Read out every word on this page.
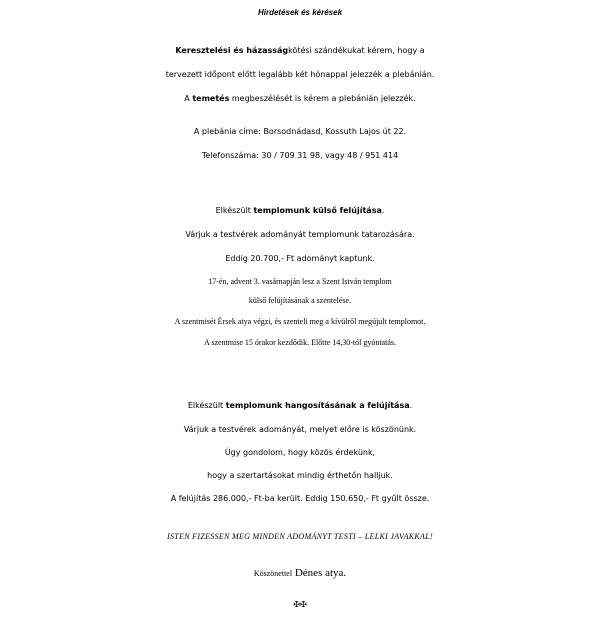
Hirdetések és kérések
Keresztelési és házasságkötési szándékukat kérem, hogy a
tervezett időpont előtt legalább két hónappal jelezzék a plebánián.
A temetés megbeszélését is kérem a plebánián jelezzék.
A plebánia címe: Borsodnádasd, Kossuth Lajos út 22.
Telefonszáma: 30 / 709 31 98, vagy 48 / 951 414
Elkészült templomunk külső felújítása.
Várjuk a testvérek adományát templomunk tatarozására.
Eddig 20.700,- Ft adományt kaptunk.
17-én, advent 3. vasárnapján lesz a Szent István templom
külső felújításának a szentelése.
A szentmisét Érsek atya végzi, és szenteli meg a kívülről megújult templomot.
A szentmise 15 órakor kezdődik. Előtte 14,30-tól gyóntatás.
Elkészült templomunk hangosításának a felújítása.
Várjuk a testvérek adományát, melyet előre is köszönünk.
Úgy gondolom, hogy közös érdekünk,
hogy a szertartásokat mindig érthetőn halljuk.
A felújítás 286.000,- Ft-ba került. Eddig 150.650,- Ft gyűlt össze.
ISTEN FIZESSEN MEG MINDEN ADOMÁNYT TESTI – LELKI JAVAKKAL!
Köszönettel Dénes atya.
✠✠
